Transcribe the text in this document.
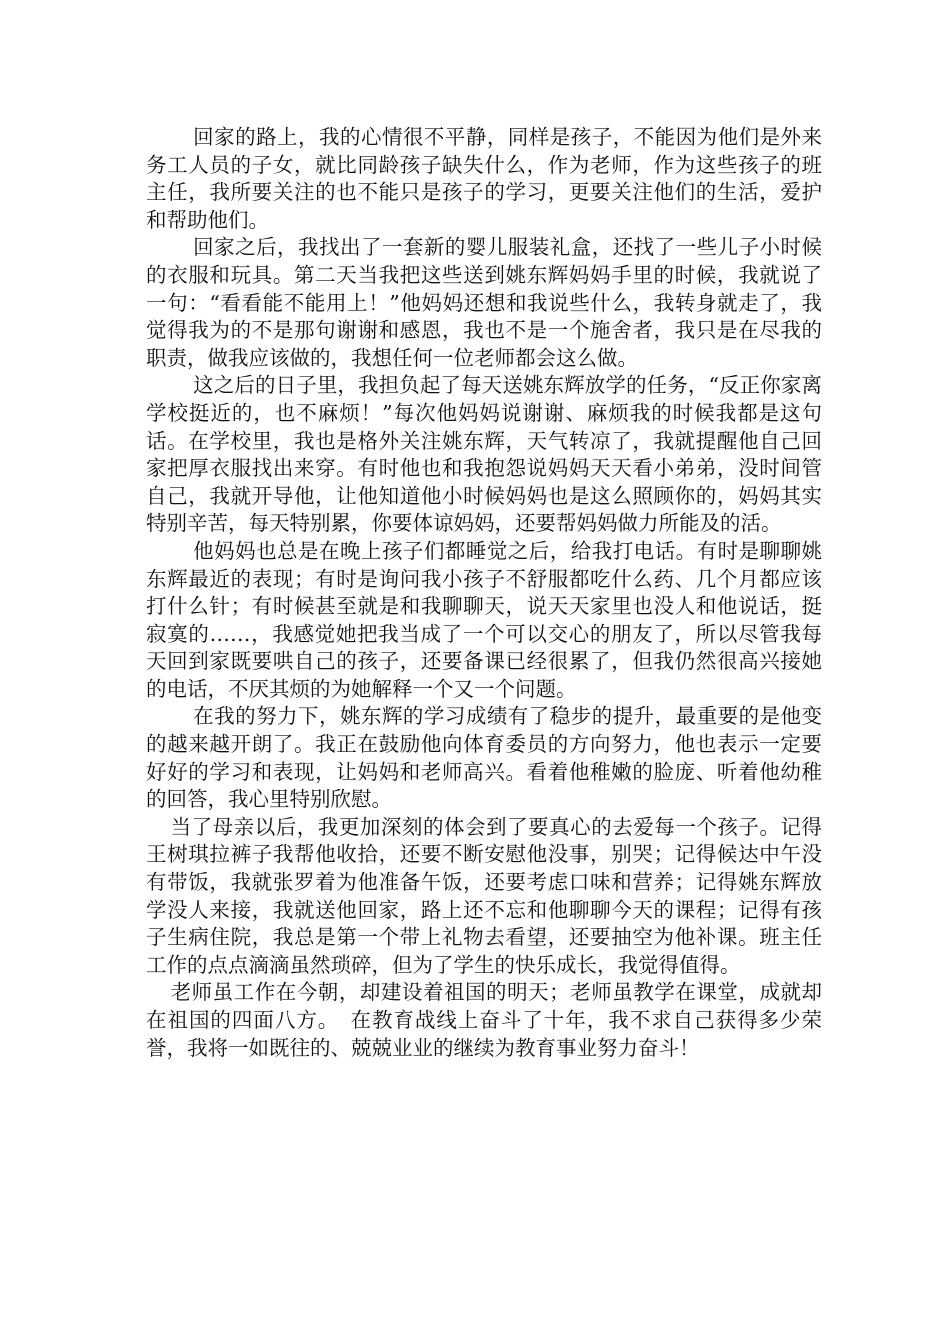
回家的路上，我的心情很不平静，同样是孩子，不能因为他们是外来务工人员的子女，就比同龄孩子缺失什么，作为老师，作为这些孩子的班主任，我所要关注的也不能只是孩子的学习，更要关注他们的生活，爱护和帮助他们。

回家之后，我找出了一套新的婴儿服装礼盒，还找了一些儿子小时候的衣服和玩具。第二天当我把这些送到姚东辉妈妈手里的时候，我就说了一句：“看看能不能用上！”他妈妈还想和我说些什么，我转身就走了，我觉得我为的不是那句谢谢和感恩，我也不是一个施舍者，我只是在尽我的职责，做我应该做的，我想任何一位老师都会这么做。

这之后的日子里，我担负起了每天送姚东辉放学的任务，“反正你家离学校挺近的，也不麻烦！”每次他妈妈说谢谢、麻烦我的时候我都是这句话。在学校里，我也是格外关注姚东辉，天气转凉了，我就提醒他自己回家把厚衣服找出来穿。有时他也和我抱怨说妈妈天天看小弟弟，没时间管自己，我就开导他，让他知道他小时候妈妈也是这么照顾你的，妈妈其实特别辛苦，每天特别累，你要体谅妈妈，还要帮妈妈做力所能及的活。

他妈妈也总是在晚上孩子们都睡觉之后，给我打电话。有时是聊聊姚东辉最近的表现；有时是询问我小孩子不舒服都吃什么药、几个月都应该打什么针；有时候甚至就是和我聊聊天，说天天家里也没人和他说话，挺寂寞的……，我感觉她把我当成了一个可以交心的朋友了，所以尽管我每天回到家既要哄自己的孩子，还要备课已经很累了，但我仍然很高兴接她的电话，不厌其烦的为她解释一个又一个问题。

在我的努力下，姚东辉的学习成绩有了稳步的提升，最重要的是他变的越来越开朗了。我正在鼓励他向体育委员的方向努力，他也表示一定要好好的学习和表现，让妈妈和老师高兴。看着他稚嫩的脸庞、听着他幼稚的回答，我心里特别欣慰。

当了母亲以后，我更加深刻的体会到了要真心的去爱每一个孩子。记得王树琪拉裤子我帮他收拾，还要不断安慰他没事，别哭；记得候达中午没有带饭，我就张罗着为他准备午饭，还要考虑口味和营养；记得姚东辉放学没人来接，我就送他回家，路上还不忘和他聊聊今天的课程；记得有孩子生病住院，我总是第一个带上礼物去看望，还要抽空为他补课。班主任工作的点点滴滴虽然琐碎，但为了学生的快乐成长，我觉得值得。

老师虽工作在今朝，却建设着祖国的明天；老师虽教学在课堂，成就却在祖国的四面八方。　在教育战线上奋斗了十年，我不求自己获得多少荣誉，我将一如既往的、兢兢业业的继续为教育事业努力奋斗！
